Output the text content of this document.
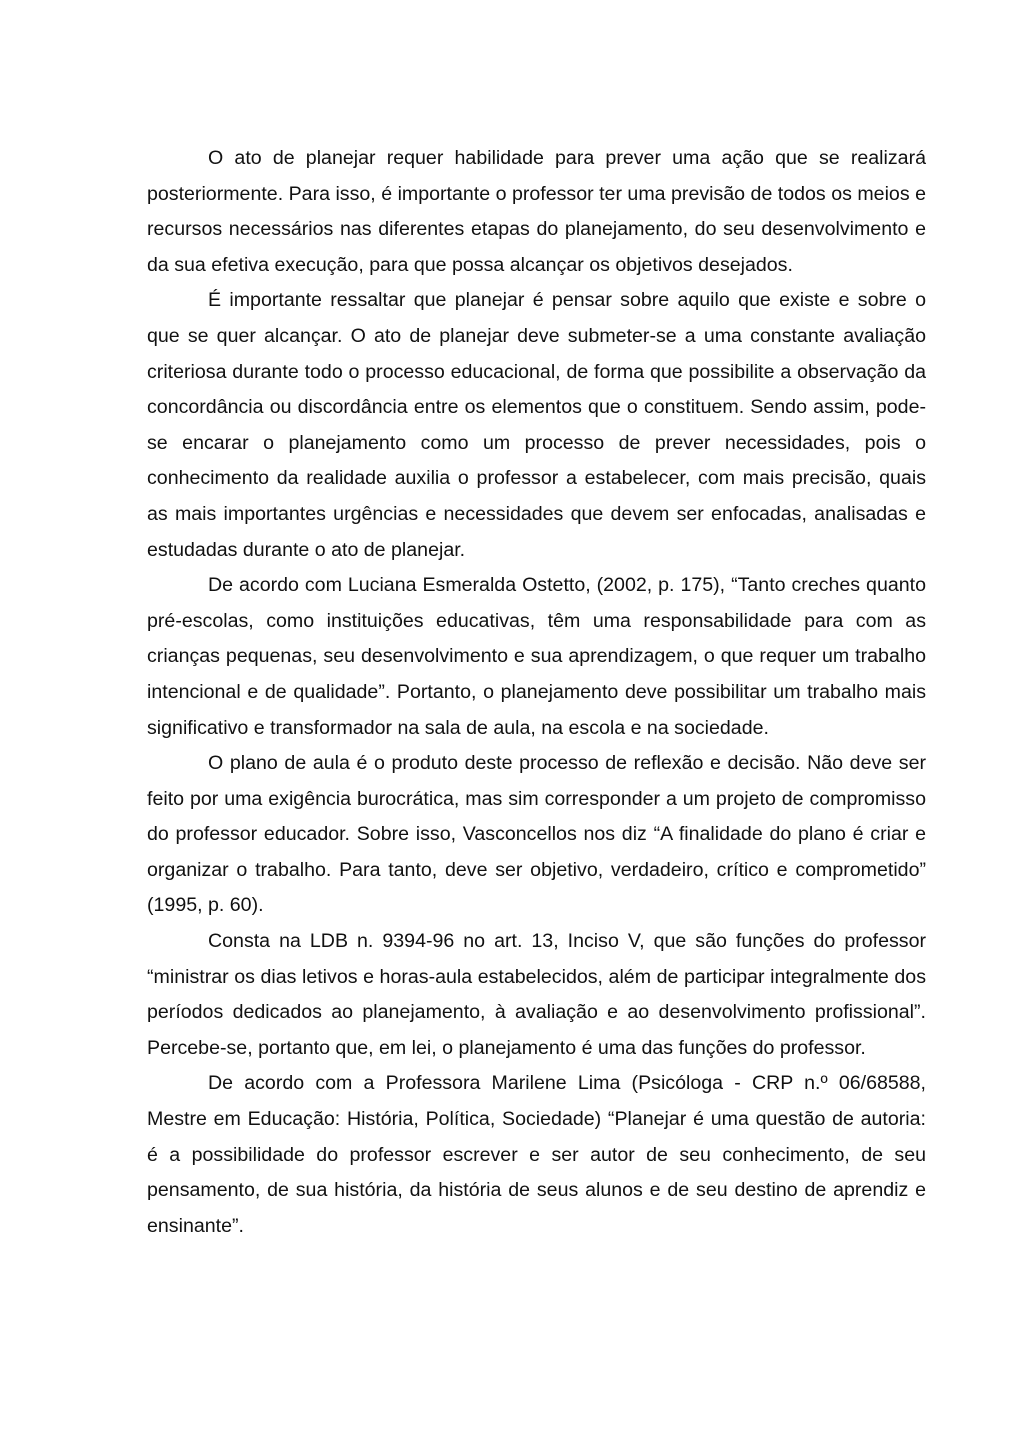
O ato de planejar requer habilidade para prever uma ação que se realizará posteriormente. Para isso, é importante o professor ter uma previsão de todos os meios e recursos necessários nas diferentes etapas do planejamento, do seu desenvolvimento e da sua efetiva execução, para que possa alcançar os objetivos desejados.

É importante ressaltar que planejar é pensar sobre aquilo que existe e sobre o que se quer alcançar. O ato de planejar deve submeter-se a uma constante avaliação criteriosa durante todo o processo educacional, de forma que possibilite a observação da concordância ou discordância entre os elementos que o constituem. Sendo assim, pode-se encarar o planejamento como um processo de prever necessidades, pois o conhecimento da realidade auxilia o professor a estabelecer, com mais precisão, quais as mais importantes urgências e necessidades que devem ser enfocadas, analisadas e estudadas durante o ato de planejar.

De acordo com Luciana Esmeralda Ostetto, (2002, p. 175), “Tanto creches quanto pré-escolas, como instituições educativas, têm uma responsabilidade para com as crianças pequenas, seu desenvolvimento e sua aprendizagem, o que requer um trabalho intencional e de qualidade”. Portanto, o planejamento deve possibilitar um trabalho mais significativo e transformador na sala de aula, na escola e na sociedade.

O plano de aula é o produto deste processo de reflexão e decisão. Não deve ser feito por uma exigência burocrática, mas sim corresponder a um projeto de compromisso do professor educador. Sobre isso, Vasconcellos nos diz “A finalidade do plano é criar e organizar o trabalho. Para tanto, deve ser objetivo, verdadeiro, crítico e comprometido” (1995, p. 60).

Consta na LDB n. 9394-96 no art. 13, Inciso V, que são funções do professor “ministrar os dias letivos e horas-aula estabelecidos, além de participar integralmente dos períodos dedicados ao planejamento, à avaliação e ao desenvolvimento profissional”. Percebe-se, portanto que, em lei, o planejamento é uma das funções do professor.

De acordo com a Professora Marilene Lima (Psicóloga - CRP n.º 06/68588, Mestre em Educação: História, Política, Sociedade) “Planejar é uma questão de autoria: é a possibilidade do professor escrever e ser autor de seu conhecimento, de seu pensamento, de sua história, da história de seus alunos e de seu destino de aprendiz e ensinante”.
